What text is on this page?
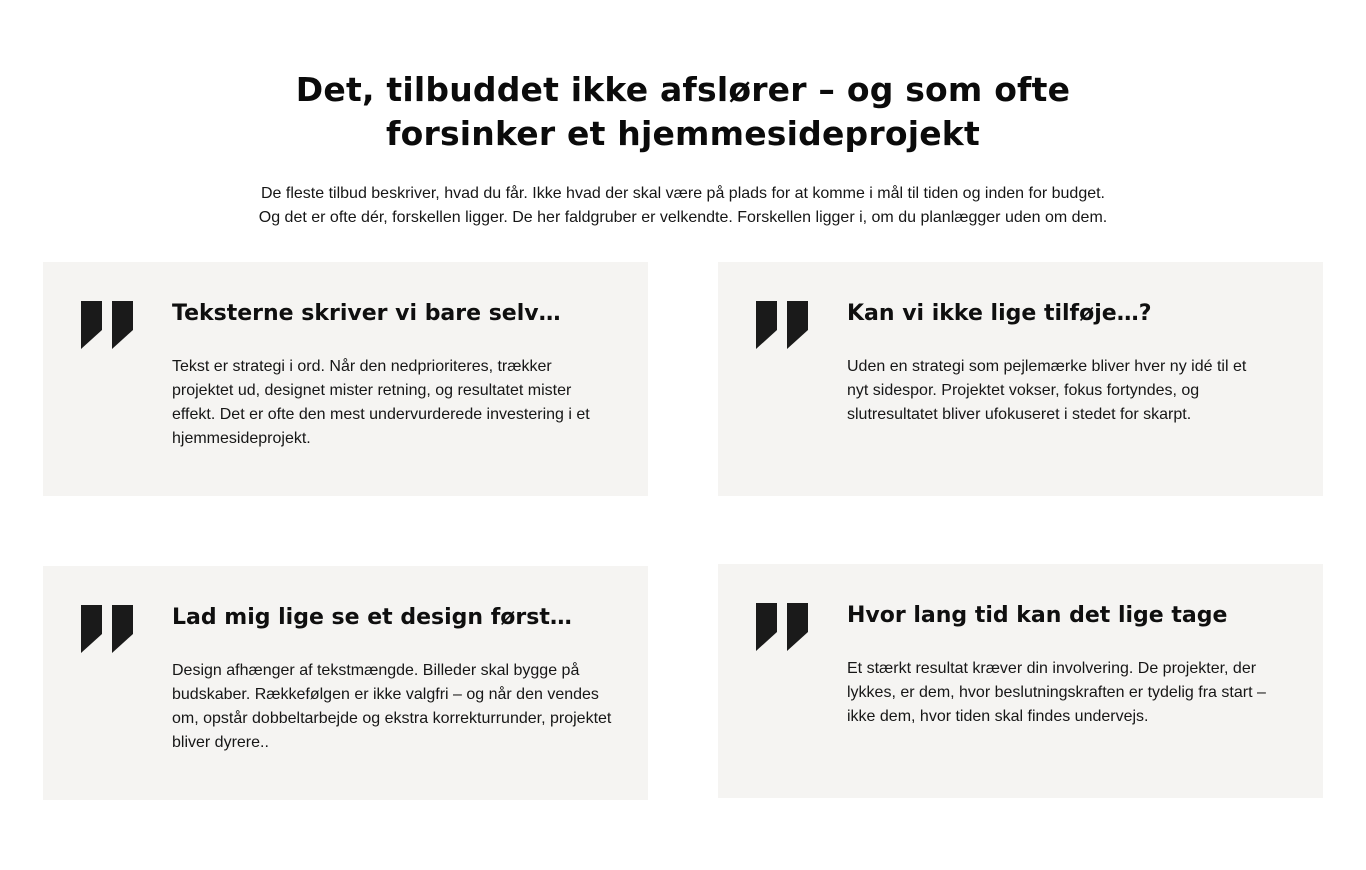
Det, tilbuddet ikke afslører – og som ofte
forsinker et hjemmesideprojekt

De fleste tilbud beskriver, hvad du får. Ikke hvad der skal være på plads for at komme i mål til tiden og inden for budget.

Og det er ofte dér, forskellen ligger. De her faldgruber er velkendte. Forskellen ligger i, om du planlægger uden om dem.

Teksterne skriver vi bare selv…

Tekst er strategi i ord. Når den nedprioriteres, trækker projektet ud, designet mister retning, og resultatet mister effekt. Det er ofte den mest undervurderede investering i et hjemmesideprojekt.

Kan vi ikke lige tilføje…?

Uden en strategi som pejlemærke bliver hver ny idé til et nyt sidespor. Projektet vokser, fokus fortyndes, og slutresultatet bliver ufokuseret i stedet for skarpt.

Lad mig lige se et design først…

Design afhænger af tekstmængde. Billeder skal bygge på budskaber. Rækkefølgen er ikke valgfri – og når den vendes om, opstår dobbeltarbejde og ekstra korrekturrunder, projektet bliver dyrere..

Hvor lang tid kan det lige tage

Et stærkt resultat kræver din involvering. De projekter, der lykkes, er dem, hvor beslutningskraften er tydelig fra start – ikke dem, hvor tiden skal findes undervejs.
